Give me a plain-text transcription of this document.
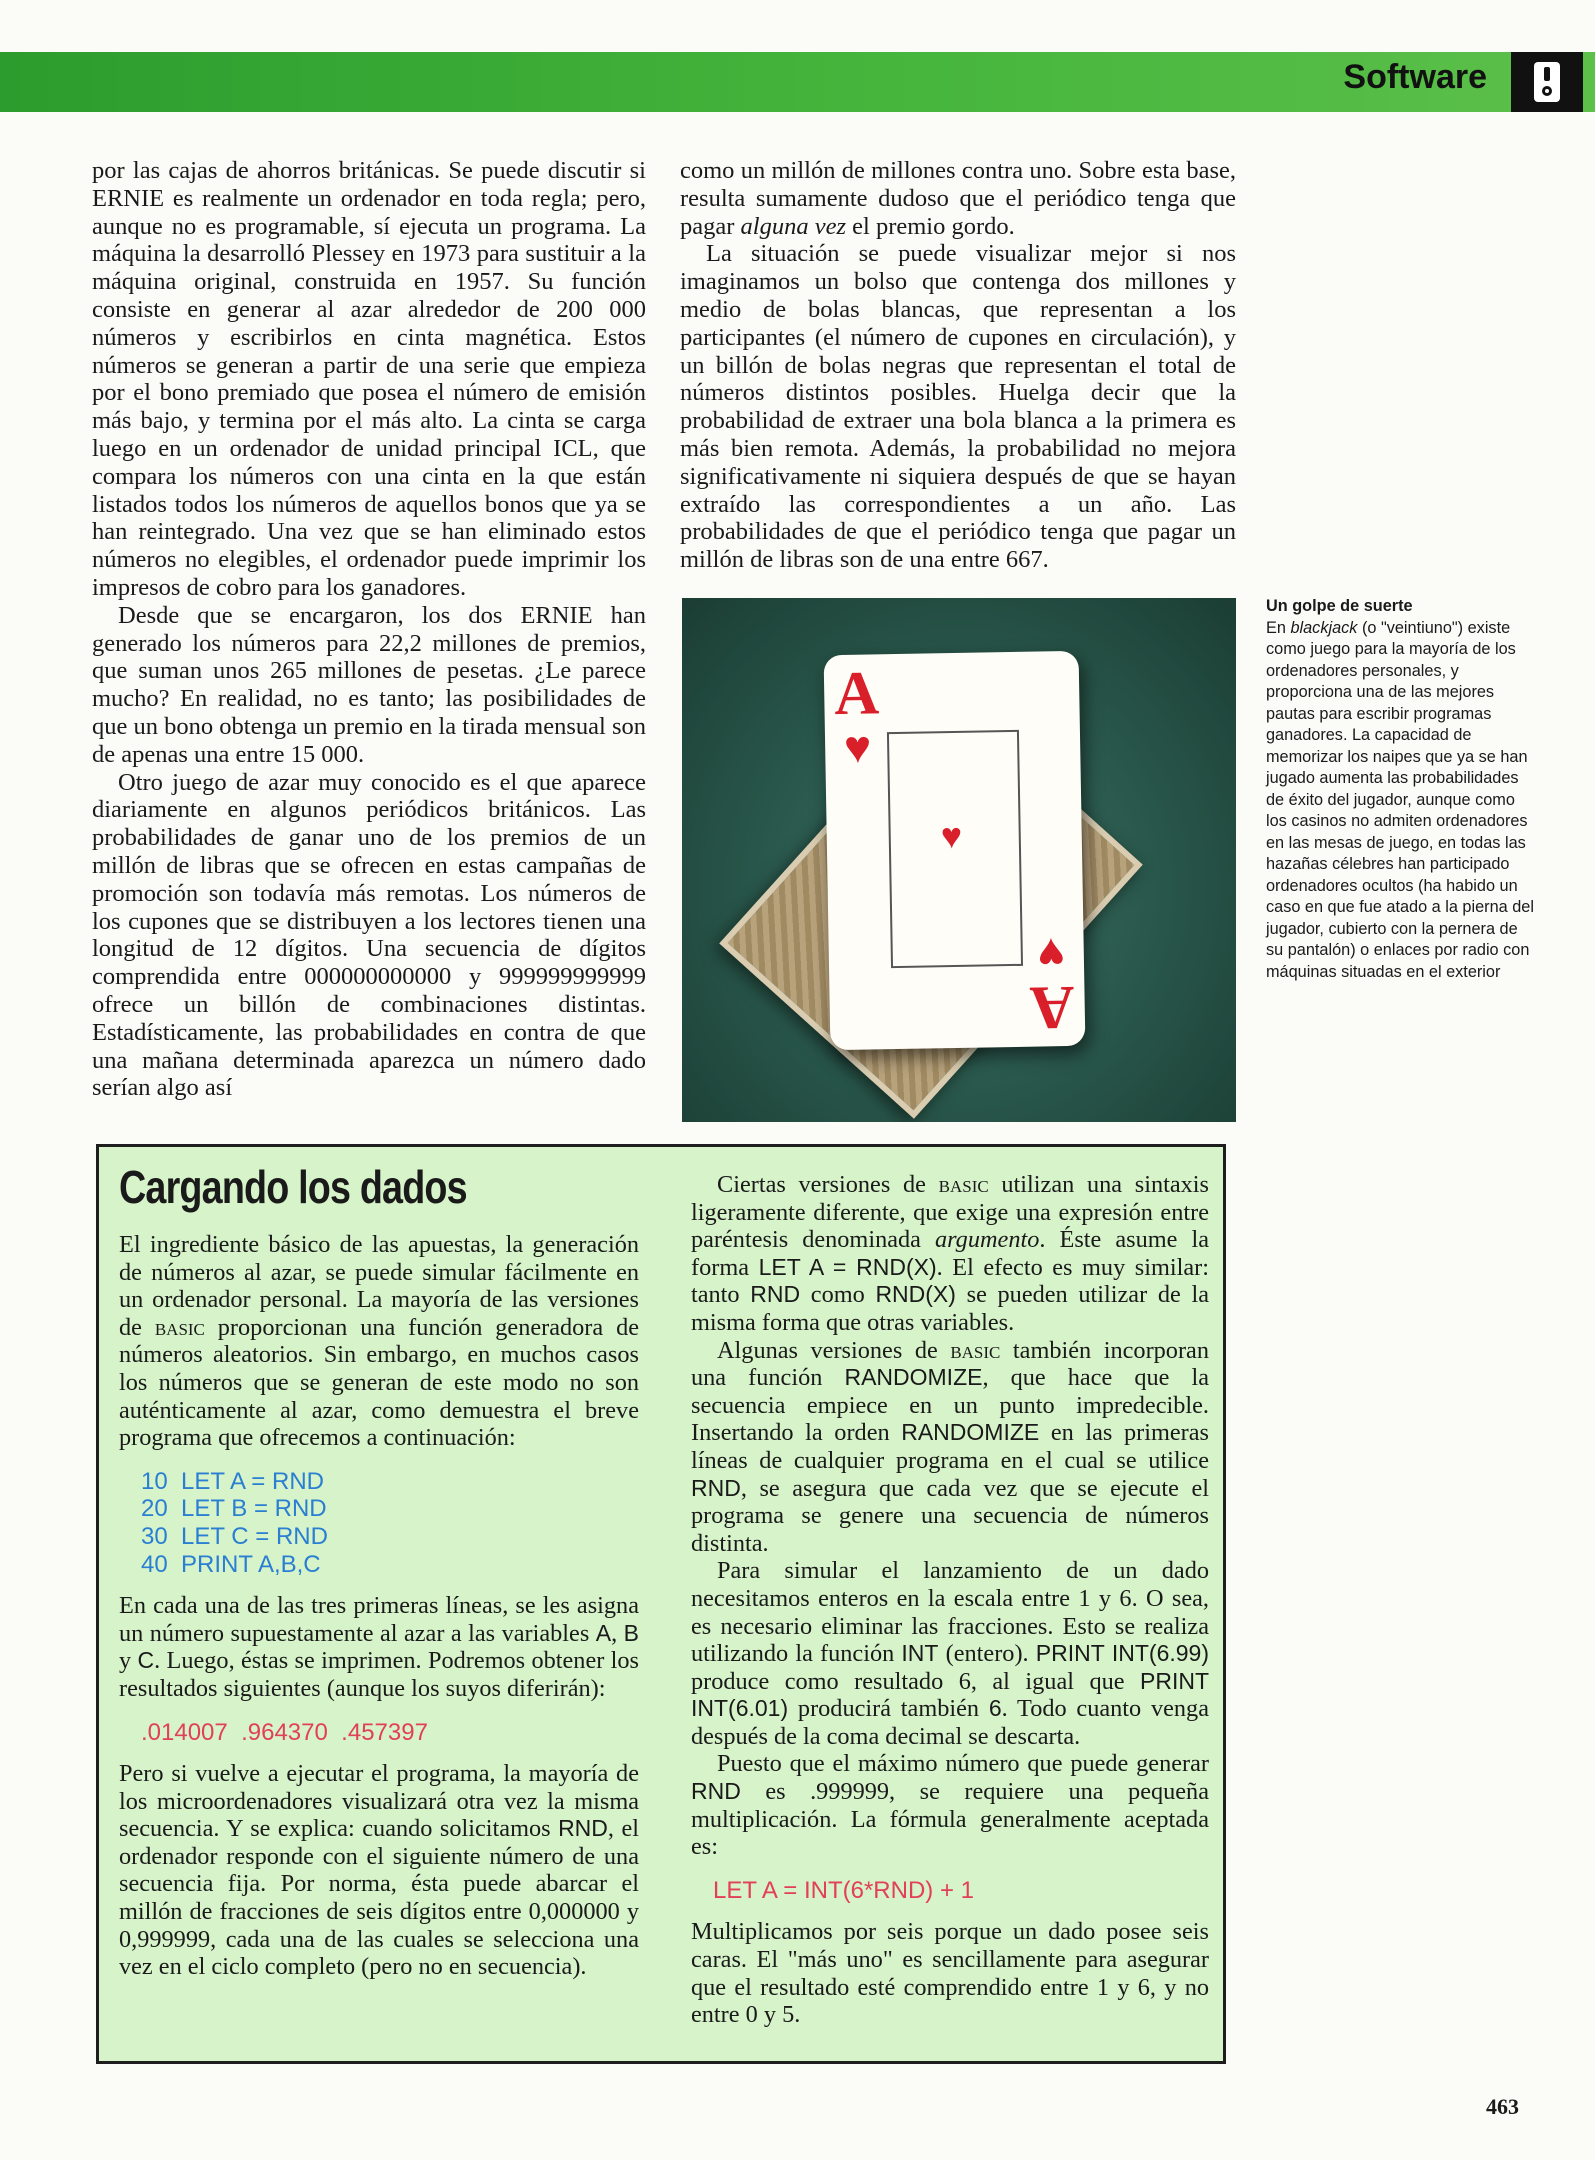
Software

por las cajas de ahorros británicas. Se puede discutir si ERNIE es realmente un ordenador en toda regla; pero, aunque no es programable, sí ejecuta un programa. La máquina la desarrolló Plessey en 1973 para sustituir a la máquina original, construida en 1957. Su función consiste en generar al azar alrededor de 200 000 números y escribirlos en cinta magnética. Estos números se generan a partir de una serie que empieza por el bono premiado que posea el número de emisión más bajo, y termina por el más alto. La cinta se carga luego en un ordenador de unidad principal ICL, que compara los números con una cinta en la que están listados todos los números de aquellos bonos que ya se han reintegrado. Una vez que se han eliminado estos números no elegibles, el ordenador puede imprimir los impresos de cobro para los ganadores.

Desde que se encargaron, los dos ERNIE han generado los números para 22,2 millones de premios, que suman unos 265 millones de pesetas. ¿Le parece mucho? En realidad, no es tanto; las posibilidades de que un bono obtenga un premio en la tirada mensual son de apenas una entre 15 000.

Otro juego de azar muy conocido es el que aparece diariamente en algunos periódicos británicos. Las probabilidades de ganar uno de los premios de un millón de libras que se ofrecen en estas campañas de promoción son todavía más remotas. Los números de los cupones que se distribuyen a los lectores tienen una longitud de 12 dígitos. Una secuencia de dígitos comprendida entre 000000000000 y 999999999999 ofrece un billón de combinaciones distintas. Estadísticamente, las probabilidades en contra de que una mañana determinada aparezca un número dado serían algo así

como un millón de millones contra uno. Sobre esta base, resulta sumamente dudoso que el periódico tenga que pagar alguna vez el premio gordo.

La situación se puede visualizar mejor si nos imaginamos un bolso que contenga dos millones y medio de bolas blancas, que representan a los participantes (el número de cupones en circulación), y un billón de bolas negras que representan el total de números distintos posibles. Huelga decir que la probabilidad de extraer una bola blanca a la primera es más bien remota. Además, la probabilidad no mejora significativamente ni siquiera después de que se hayan extraído las correspondientes a un año. Las probabilidades de que el periódico tenga que pagar un millón de libras son de una entre 667.

A
♥
♥
A
♥
Un golpe de suerte
En blackjack (o "veintiuno") existe como juego para la mayoría de los ordenadores personales, y proporciona una de las mejores pautas para escribir programas ganadores. La capacidad de memorizar los naipes que ya se han jugado aumenta las probabilidades de éxito del jugador, aunque como los casinos no admiten ordenadores en las mesas de juego, en todas las hazañas célebres han participado ordenadores ocultos (ha habido un caso en que fue atado a la pierna del jugador, cubierto con la pernera de su pantalón) o enlaces por radio con máquinas situadas en el exterior
Cargando los dados

El ingrediente básico de las apuestas, la generación de números al azar, se puede simular fácilmente en un ordenador personal. La mayoría de las versiones de basic proporcionan una función generadora de números aleatorios. Sin embargo, en muchos casos los números que se generan de este modo no son auténticamente al azar, como demuestra el breve programa que ofrecemos a continuación:

10  LET A = RND
20  LET B = RND
30  LET C = RND
40  PRINT A,B,C

En cada una de las tres primeras líneas, se les asigna un número supuestamente al azar a las variables A, B y C. Luego, éstas se imprimen. Podremos obtener los resultados siguientes (aunque los suyos diferirán):

.014007  .964370  .457397

Pero si vuelve a ejecutar el programa, la mayoría de los microordenadores visualizará otra vez la misma secuencia. Y se explica: cuando solicitamos RND, el ordenador responde con el siguiente número de una secuencia fija. Por norma, ésta puede abarcar el millón de fracciones de seis dígitos entre 0,000000 y 0,999999, cada una de las cuales se selecciona una vez en el ciclo completo (pero no en secuencia).

Ciertas versiones de basic utilizan una sintaxis ligeramente diferente, que exige una expresión entre paréntesis denominada argumento. Éste asume la forma LET A = RND(X). El efecto es muy similar: tanto RND como RND(X) se pueden utilizar de la misma forma que otras variables.

Algunas versiones de basic también incorporan una función RANDOMIZE, que hace que la secuencia empiece en un punto impredecible. Insertando la orden RANDOMIZE en las primeras líneas de cualquier programa en el cual se utilice RND, se asegura que cada vez que se ejecute el programa se genere una secuencia de números distinta.

Para simular el lanzamiento de un dado necesitamos enteros en la escala entre 1 y 6. O sea, es necesario eliminar las fracciones. Esto se realiza utilizando la función INT (entero). PRINT INT(6.99) produce como resultado 6, al igual que PRINT INT(6.01) producirá también 6. Todo cuanto venga después de la coma decimal se descarta.

Puesto que el máximo número que puede generar RND es .999999, se requiere una pequeña multiplicación. La fórmula generalmente aceptada es:

LET A = INT(6*RND) + 1

Multiplicamos por seis porque un dado posee seis caras. El "más uno" es sencillamente para asegurar que el resultado esté comprendido entre 1 y 6, y no entre 0 y 5.

463
